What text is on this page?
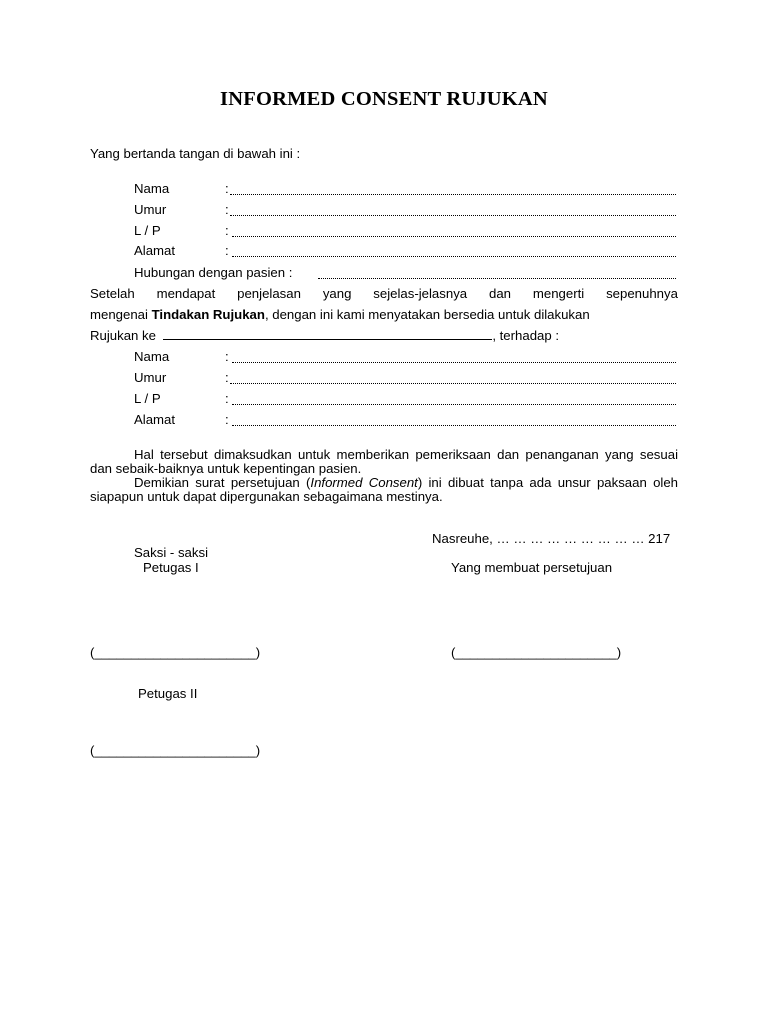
INFORMED CONSENT RUJUKAN
Yang bertanda tangan di bawah ini :
Nama	:
Umur	:
L / P	:
Alamat	:
Hubungan dengan pasien :
Setelah mendapat penjelasan yang sejelas-jelasnya dan mengerti sepenuhnya
mengenai Tindakan Rujukan, dengan ini kami menyatakan bersedia untuk dilakukan
Rujukan ke	, terhadap :
Nama	:
Umur	:
L / P	:
Alamat	:
Hal tersebut dimaksudkan untuk memberikan pemeriksaan dan penanganan yang sesuai dan sebaik-baiknya untuk kepentingan pasien.
Demikian surat persetujuan (Informed Consent) ini dibuat tanpa ada unsur paksaan oleh siapapun untuk dapat dipergunakan sebagaimana mestinya.
Nasreuhe, … … … … … … … … … 217
Saksi - saksi
Petugas I	Yang membuat persetujuan
(______________________)	(______________________)
Petugas II
(______________________)
